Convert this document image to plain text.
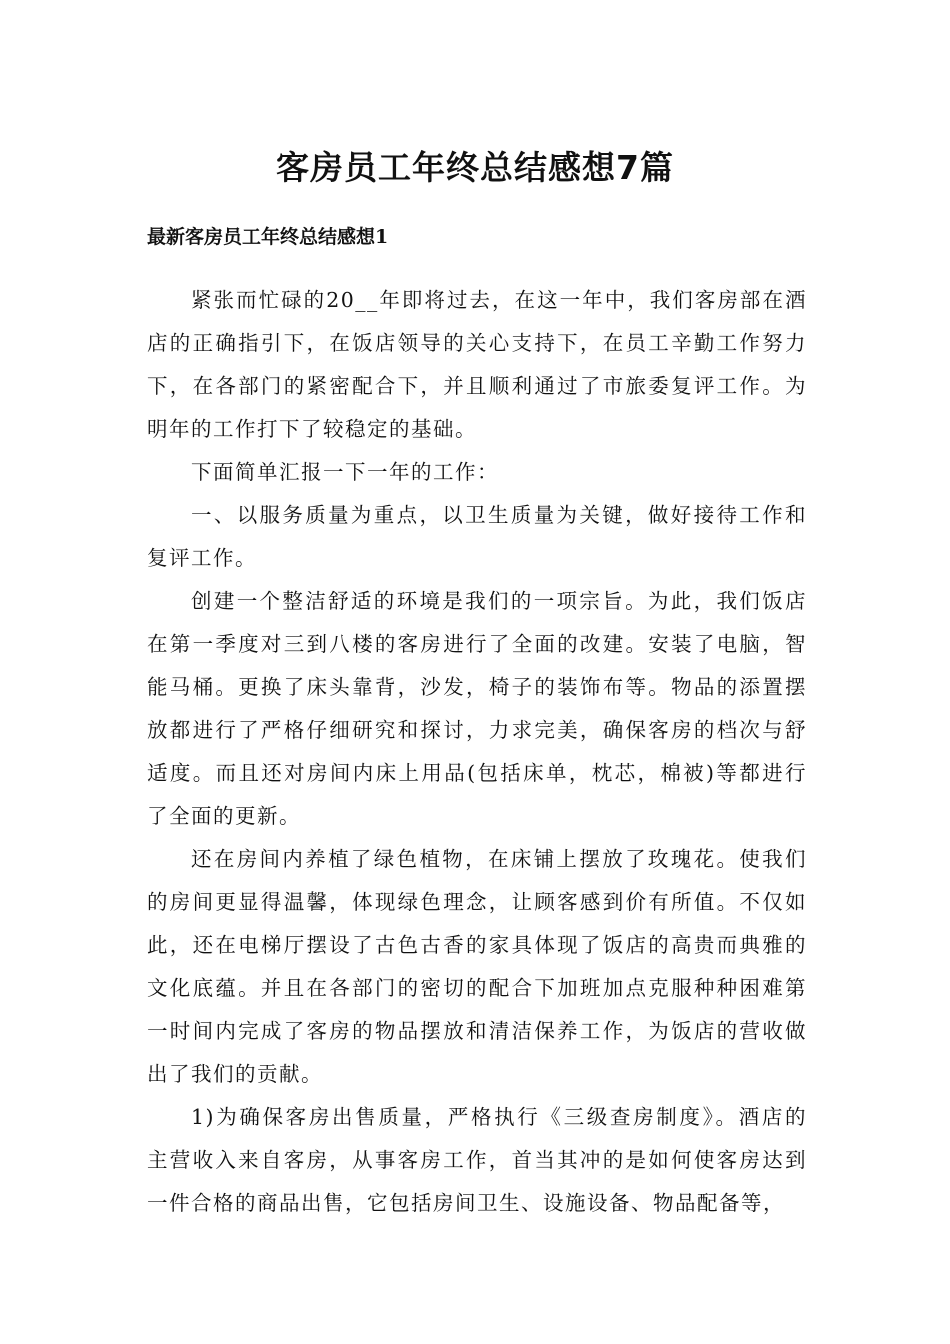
客房员工年终总结感想7篇
最新客房员工年终总结感想1

紧张而忙碌的20__年即将过去，在这一年中，我们客房部在酒
店的正确指引下，在饭店领导的关心支持下，在员工辛勤工作努力
下，在各部门的紧密配合下，并且顺利通过了市旅委复评工作。为
明年的工作打下了较稳定的基础。

下面简单汇报一下一年的工作：

一、以服务质量为重点，以卫生质量为关键，做好接待工作和
复评工作。

创建一个整洁舒适的环境是我们的一项宗旨。为此，我们饭店
在第一季度对三到八楼的客房进行了全面的改建。安装了电脑，智
能马桶。更换了床头靠背，沙发，椅子的装饰布等。物品的添置摆
放都进行了严格仔细研究和探讨，力求完美，确保客房的档次与舒
适度。而且还对房间内床上用品(包括床单，枕芯，棉被)等都进行
了全面的更新。

还在房间内养植了绿色植物，在床铺上摆放了玫瑰花。使我们
的房间更显得温馨，体现绿色理念，让顾客感到价有所值。不仅如
此，还在电梯厅摆设了古色古香的家具体现了饭店的高贵而典雅的
文化底蕴。并且在各部门的密切的配合下加班加点克服种种困难第
一时间内完成了客房的物品摆放和清洁保养工作，为饭店的营收做
出了我们的贡献。

1)为确保客房出售质量，严格执行《三级查房制度》。酒店的
主营收入来自客房，从事客房工作，首当其冲的是如何使客房达到
一件合格的商品出售，它包括房间卫生、设施设备、物品配备等，
